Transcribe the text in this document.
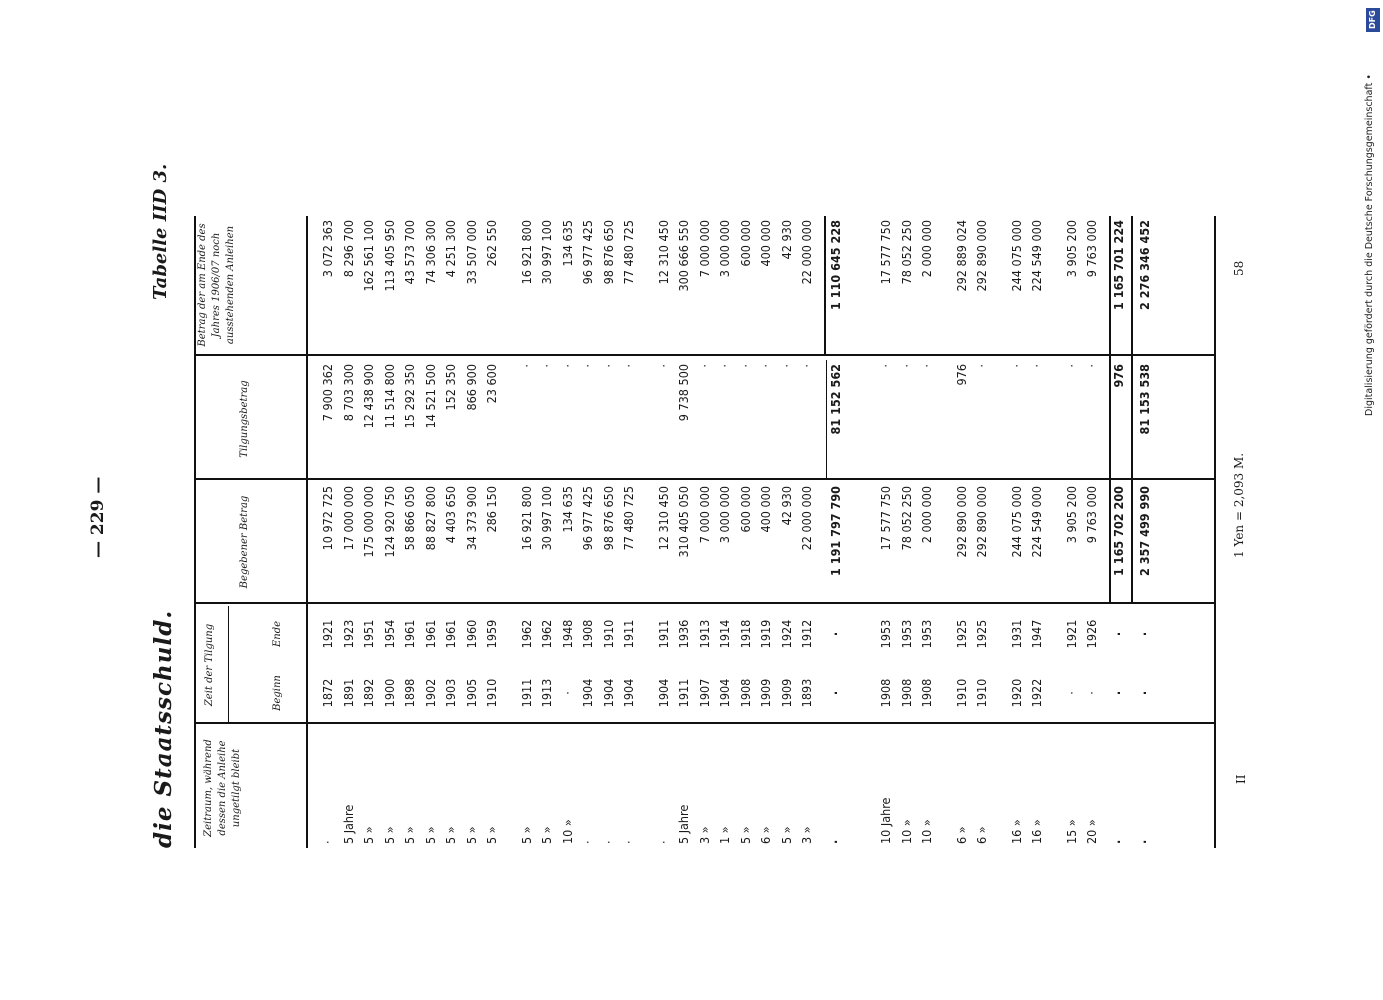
DFG
Digitalisierung gefördert durch die Deutsche Forschungsgemeinschaft •
die Staatsschuld.
— 229 —
Tabelle IID 3.
Zeitraum, während dessen die Anleihe ungetilgt bleibt
Zeit der Tilgung	Beginn
Ende
Begebener Betrag
Tilgungsbetrag
Betrag der am Ende des Jahres 1906/07 noch ausstehenden Anleihen
·
1872
1921
10 972 725
7 900 362
3 072 363
5 Jahre
1891
1923
17 000 000
8 703 300
8 296 700
5 »
1892
1951
175 000 000
12 438 900
162 561 100
5 »
1900
1954
124 920 750
11 514 800
113 405 950
5 »
1898
1961
58 866 050
15 292 350
43 573 700
5 »
1902
1961
88 827 800
14 521 500
74 306 300
5 »
1903
1961
4 403 650
152 350
4 251 300
5 »
1905
1960
34 373 900
866 900
33 507 000
5 »
1910
1959
286 150
23 600
262 550
5 »
1911
1962
16 921 800
·
16 921 800
5 »
1913
1962
30 997 100
·
30 997 100
10 »
·
1948
134 635
·
134 635
·
1904
1908
96 977 425
·
96 977 425
·
1904
1910
98 876 650
·
98 876 650
·
1904
1911
77 480 725
·
77 480 725
·
1904
1911
12 310 450
·
12 310 450
5 Jahre
1911
1936
310 405 050
9 738 500
300 666 550
3 »
1907
1913
7 000 000
·
7 000 000
1 »
1904
1914
3 000 000
·
3 000 000
5 »
1908
1918
600 000
·
600 000
6 »
1909
1919
400 000
·
400 000
5 »
1909
1924
42 930
·
42 930
3 »
1893
1912
22 000 000
·
22 000 000
·
·
·
1 191 797 790
81 152 562
1 110 645 228
10 Jahre
1908
1953
17 577 750
·
17 577 750
10 »
1908
1953
78 052 250
·
78 052 250
10 »
1908
1953
2 000 000
·
2 000 000
6 »
1910
1925
292 890 000
976
292 889 024
6 »
1910
1925
292 890 000
·
292 890 000
16 »
1920
1931
244 075 000
·
244 075 000
16 »
1922
1947
224 549 000
·
224 549 000
15 »
·
1921
3 905 200
·
3 905 200
20 »
·
1926
9 763 000
·
9 763 000
·
·
·
1 165 702 200
976
1 165 701 224
·
·
·
2 357 499 990
81 153 538
2 276 346 452
II
1 Yen = 2,093 M.
58
